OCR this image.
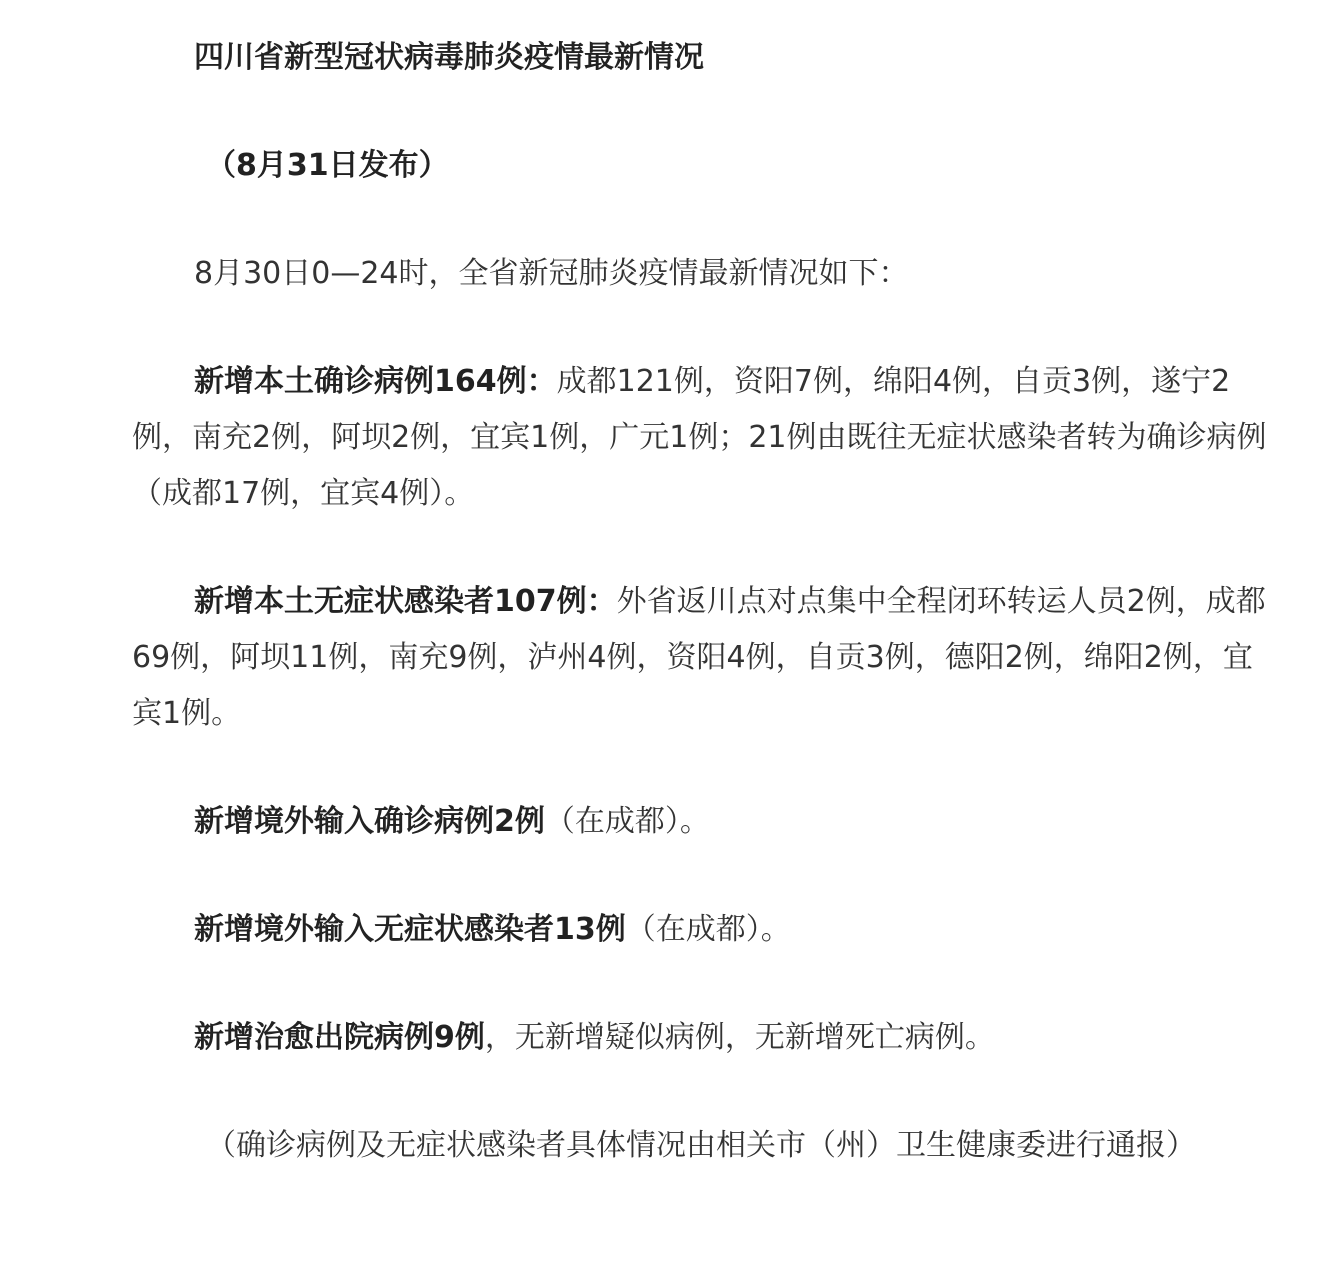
四川省新型冠状病毒肺炎疫情最新情况

（8月31日发布）

8月30日0—24时，全省新冠肺炎疫情最新情况如下：

新增本土确诊病例164例：成都121例，资阳7例，绵阳4例，自贡3例，遂宁2例，南充2例，阿坝2例，宜宾1例，广元1例；21例由既往无症状感染者转为确诊病例（成都17例，宜宾4例）。

新增本土无症状感染者107例：外省返川点对点集中全程闭环转运人员2例，成都69例，阿坝11例，南充9例，泸州4例，资阳4例，自贡3例，德阳2例，绵阳2例，宜宾1例。

新增境外输入确诊病例2例（在成都）。

新增境外输入无症状感染者13例（在成都）。

新增治愈出院病例9例，无新增疑似病例，无新增死亡病例。

（确诊病例及无症状感染者具体情况由相关市（州）卫生健康委进行通报）
